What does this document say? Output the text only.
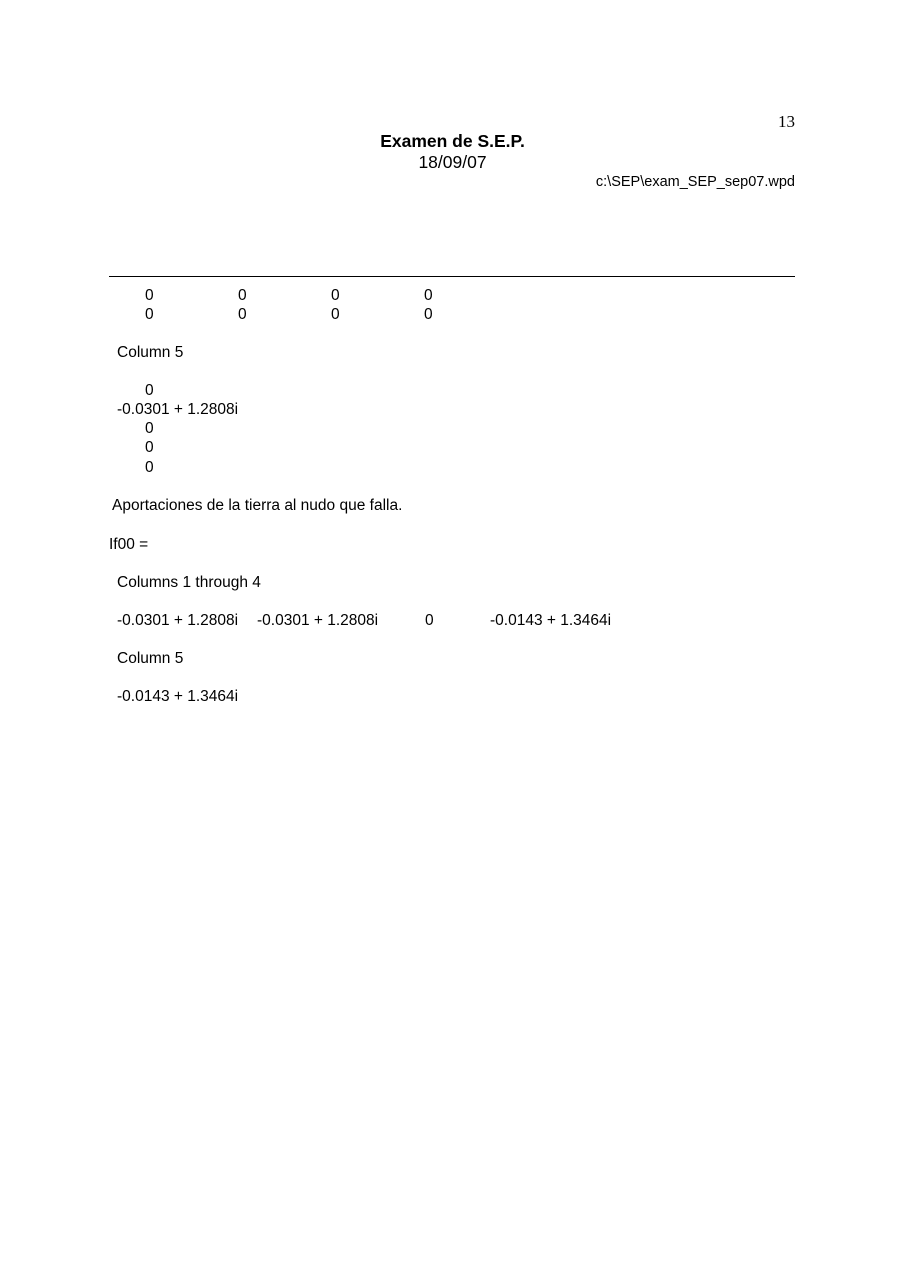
13
Examen de S.E.P.
18/09/07
c:\SEP\exam_SEP_sep07.wpd
0	0	0	0
0	0	0	0
Column 5
0
-0.0301 + 1.2808i
0
0
0
Aportaciones de la tierra al nudo que falla.
If00 =
Columns 1 through 4
-0.0301 + 1.2808i -0.0301 + 1.2808i	0	-0.0143 + 1.3464i
Column 5
-0.0143 + 1.3464i
